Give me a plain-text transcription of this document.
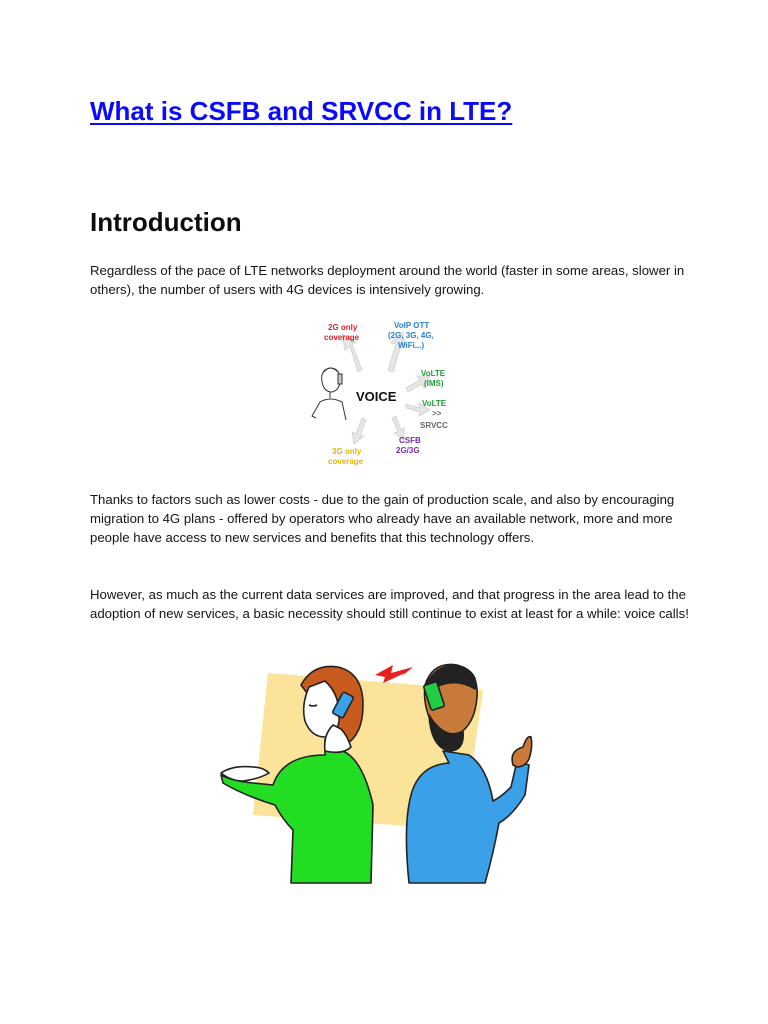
What is CSFB and SRVCC in LTE?
Introduction

Regardless of the pace of LTE networks deployment around the world (faster in some areas, slower in others), the number of users with 4G devices is intensively growing.

VOICE
2G only
coverage
VoIP OTT
(2G, 3G, 4G,
WiFi...)
VoLTE
(IMS)
VoLTE
>>
SRVCC
CSFB
2G/3G
3G only
coverage

Thanks to factors such as lower costs - due to the gain of production scale, and also by encouraging migration to 4G plans - offered by operators who already have an available network, more and more people have access to new services and benefits that this technology offers.

However, as much as the current data services are improved, and that progress in the area lead to the adoption of new services, a basic necessity should still continue to exist at least for a while: voice calls!
